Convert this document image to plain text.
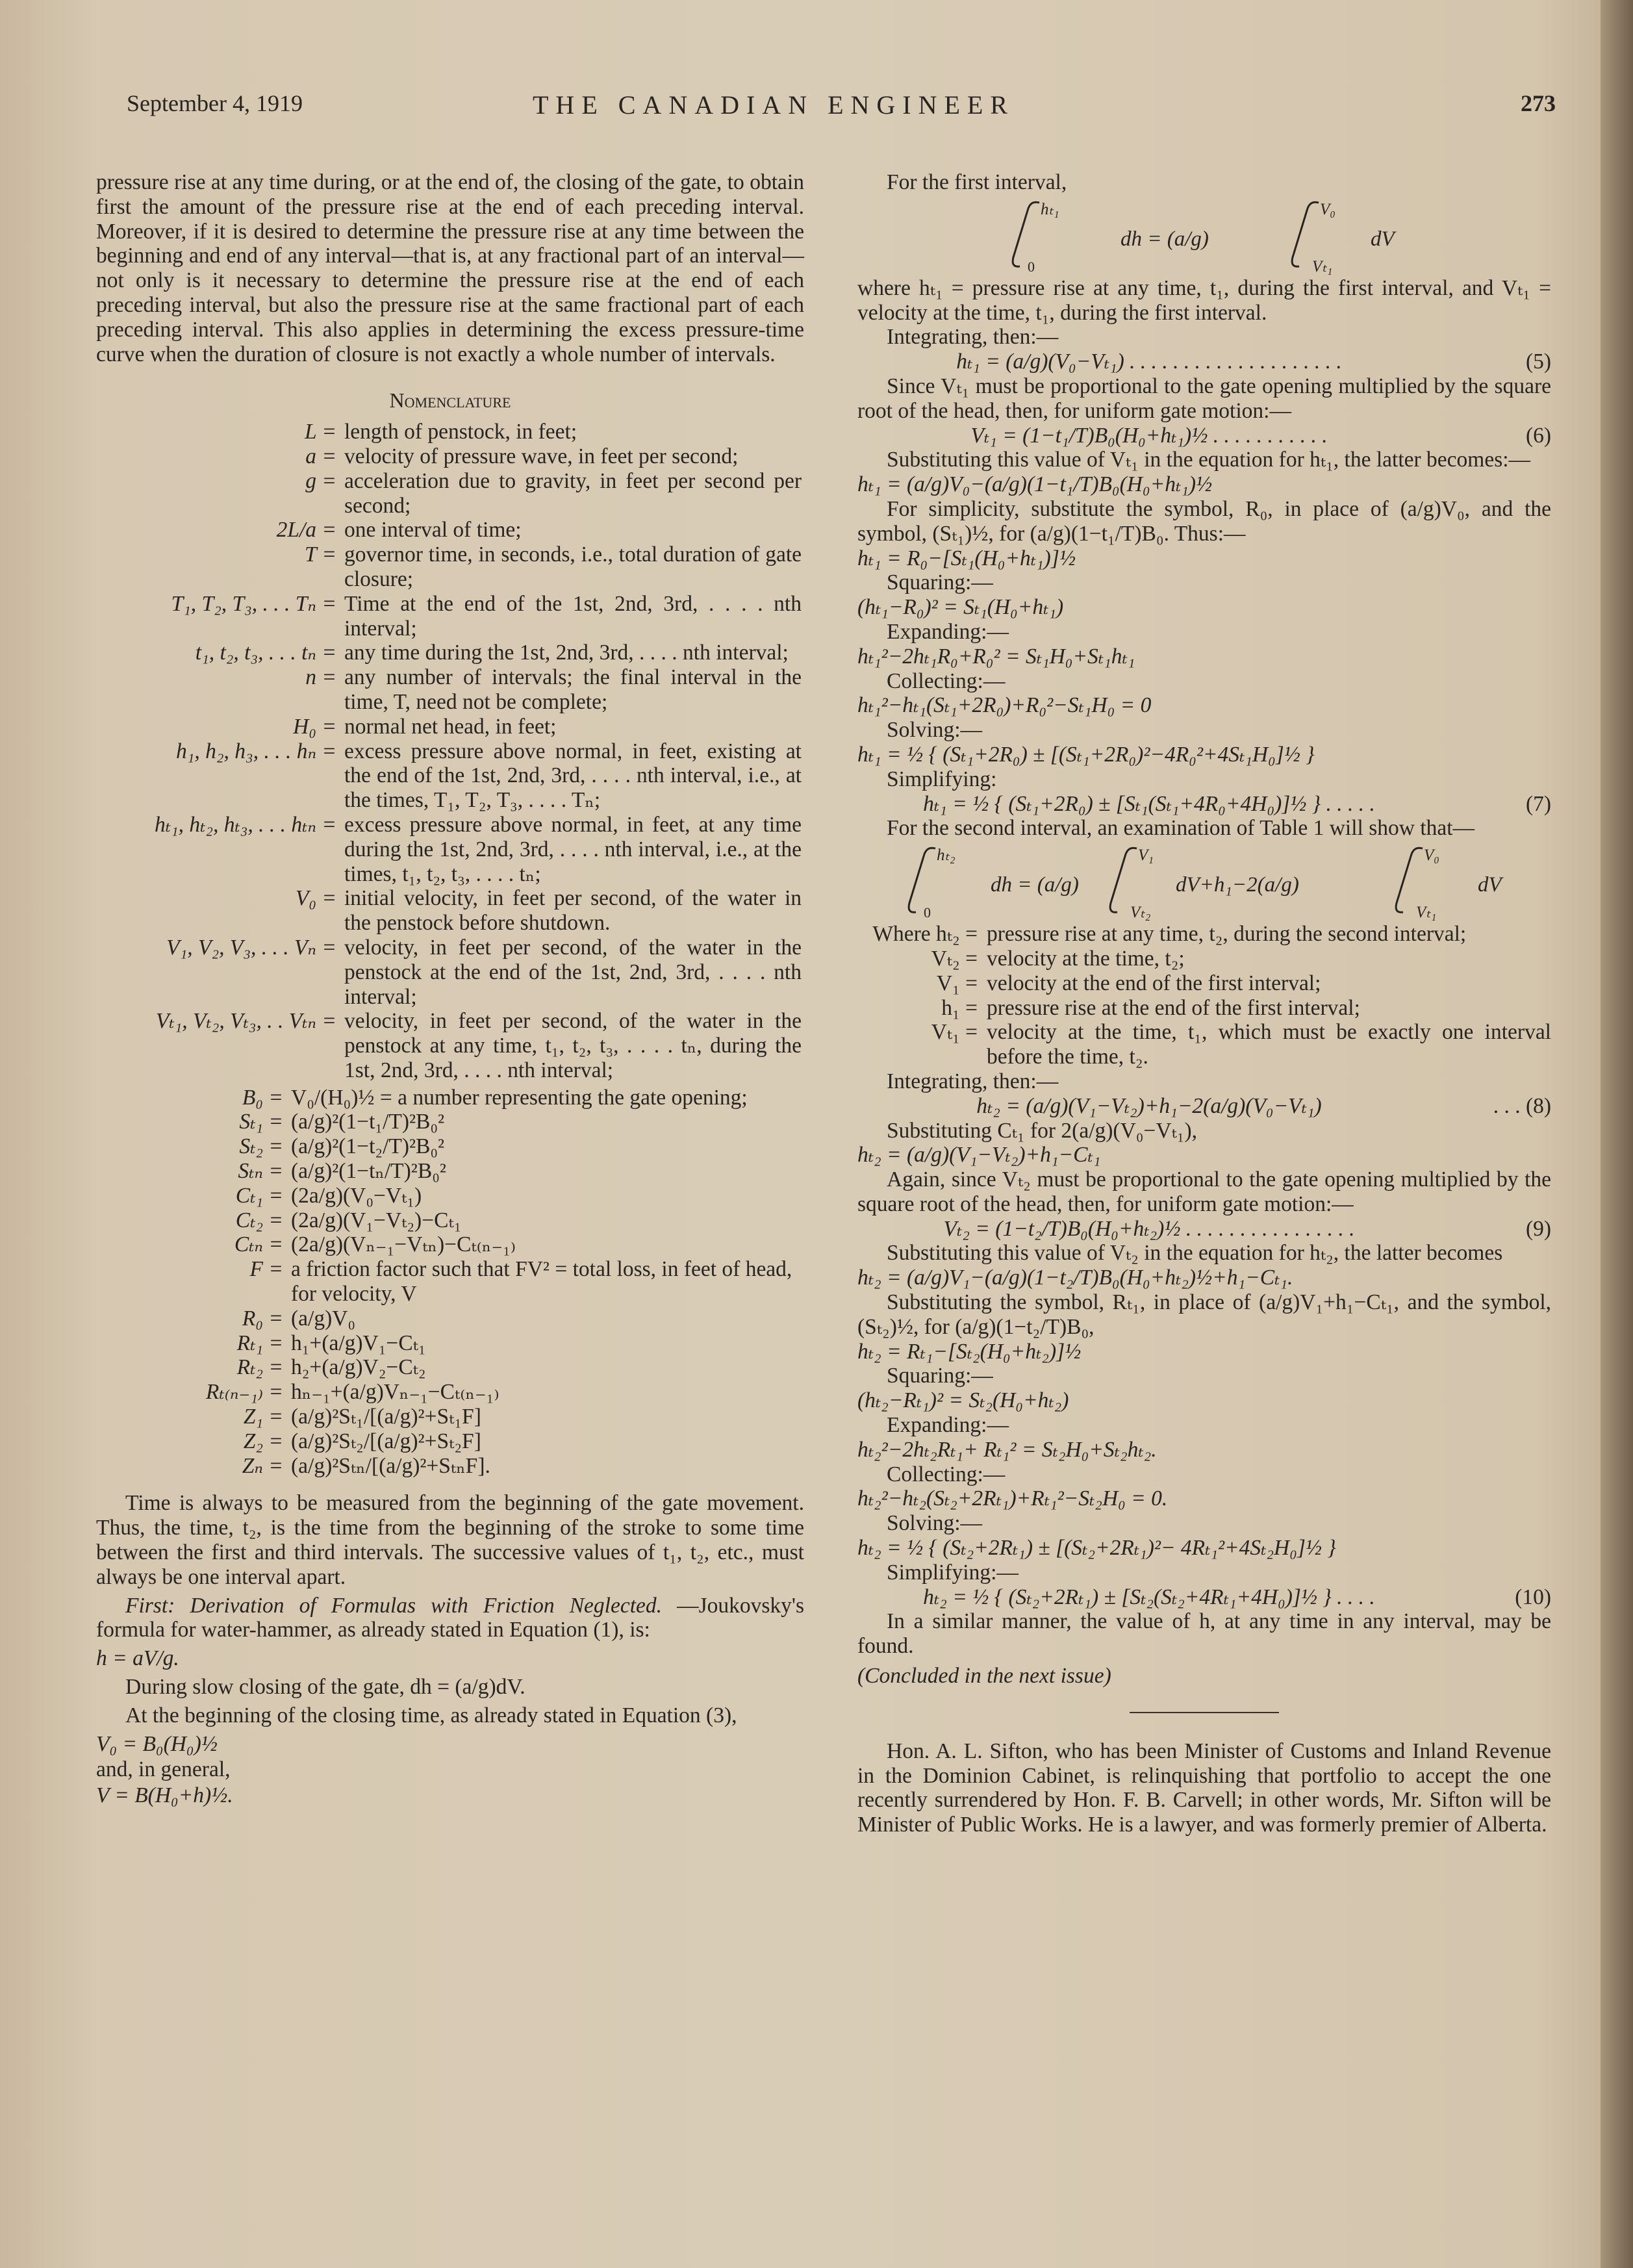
September 4, 1919	THE CANADIAN ENGINEER	273

pressure rise at any time during, or at the end of, the closing of the gate, to obtain first the amount of the pressure rise at the end of each preceding interval. Moreover, if it is desired to determine the pressure rise at any time between the beginning and end of any interval—that is, at any fractional part of an interval—not only is it necessary to determine the pressure rise at the end of each preceding interval, but also the pressure rise at the same fractional part of each preceding interval. This also applies in determining the excess pressure-time curve when the duration of closure is not exactly a whole number of intervals.

Nomenclature
L = length of penstock, in feet;
a = velocity of pressure wave, in feet per second;
g = acceleration due to gravity, in feet per second per second;
2L/a = one interval of time;
T = governor time, in seconds, i.e., total duration of gate closure;
T₁, T₂, T₃, . . . Tₙ = Time at the end of the 1st, 2nd, 3rd, . . . . nth interval;
t₁, t₂, t₃, . . . tₙ = any time during the 1st, 2nd, 3rd, . . . . nth interval;
n = any number of intervals; the final interval in the time, T, need not be complete;
H₀ = normal net head, in feet;
h₁, h₂, h₃, . . . hₙ = excess pressure above normal, in feet, existing at the end of the 1st, 2nd, 3rd, . . . . nth interval, i.e., at the times, T₁, T₂, T₃, . . . . Tₙ;
hₜ₁, hₜ₂, hₜ₃, . . . hₜₙ = excess pressure above normal, in feet, at any time during the 1st, 2nd, 3rd, . . . . nth interval, i.e., at the times, t₁, t₂, t₃, . . . . tₙ;
V₀ = initial velocity, in feet per second, of the water in the penstock before shutdown.
V₁, V₂, V₃, . . . Vₙ = velocity, in feet per second, of the water in the penstock at the end of the 1st, 2nd, 3rd, . . . . nth interval;
Vₜ₁, Vₜ₂, Vₜ₃, . . Vₜₙ = velocity, in feet per second, of the water in the penstock at any time, t₁, t₂, t₃, . . . . tₙ, during the 1st, 2nd, 3rd, . . . . nth interval;
B₀ = V₀/(H₀)½ = a number representing the gate opening;
Sₜ₁ = (a/g)²(1−t₁/T)²B₀²
Sₜ₂ = (a/g)²(1−t₂/T)²B₀²
Sₜₙ = (a/g)²(1−tₙ/T)²B₀²
Cₜ₁ = (2a/g)(V₀−Vₜ₁)
Cₜ₂ = (2a/g)(V₁−Vₜ₂)−Cₜ₁
Cₜₙ = (2a/g)(Vₙ₋₁−Vₜₙ)−Cₜ₍ₙ₋₁₎
F = a friction factor such that FV² = total loss, in feet of head, for velocity, V
R₀ = (a/g)V₀
Rₜ₁ = h₁+(a/g)V₁−Cₜ₁
Rₜ₂ = h₂+(a/g)V₂−Cₜ₂
Rₜ₍ₙ₋₁₎ = hₙ₋₁+(a/g)Vₙ₋₁−Cₜ₍ₙ₋₁₎
Z₁ = (a/g)²Sₜ₁/[(a/g)²+Sₜ₁F]
Z₂ = (a/g)²Sₜ₂/[(a/g)²+Sₜ₂F]
Zₙ = (a/g)²Sₜₙ/[(a/g)²+SₜₙF].

Time is always to be measured from the beginning of the gate movement. Thus, the time, t₂, is the time from the beginning of the stroke to some time between the first and third intervals. The successive values of t₁, t₂, etc., must always be one interval apart.

First: Derivation of Formulas with Friction Neglected. —Joukovsky's formula for water-hammer, as already stated in Equation (1), is:

h = aV/g.

During slow closing of the gate, dh = (a/g)dV.

At the beginning of the closing time, as already stated in Equation (3),

V₀ = B₀(H₀)½

and, in general,

V = B(H₀+h)½.

For the first interval,

hₜ₁
0
dh = (a/g)
V₀
Vₜ₁
dV

where hₜ₁ = pressure rise at any time, t₁, during the first interval, and Vₜ₁ = velocity at the time, t₁, during the first interval.

Integrating, then:—

hₜ₁ = (a/g)(V₀−Vₜ₁) . . . . . . . . . . . . . . . . . . . .	(5)

Since Vₜ₁ must be proportional to the gate opening multiplied by the square root of the head, then, for uniform gate motion:—

Vₜ₁ = (1−t₁/T)B₀(H₀+hₜ₁)½ . . . . . . . . . . .	(6)

Substituting this value of Vₜ₁ in the equation for hₜ₁, the latter becomes:—

hₜ₁ = (a/g)V₀−(a/g)(1−t₁/T)B₀(H₀+hₜ₁)½

For simplicity, substitute the symbol, R₀, in place of (a/g)V₀, and the symbol, (Sₜ₁)½, for (a/g)(1−t₁/T)B₀. Thus:—

hₜ₁ = R₀−[Sₜ₁(H₀+hₜ₁)]½

Squaring:—

(hₜ₁−R₀)² = Sₜ₁(H₀+hₜ₁)

Expanding:—

hₜ₁²−2hₜ₁R₀+R₀² = Sₜ₁H₀+Sₜ₁hₜ₁

Collecting:—

hₜ₁²−hₜ₁(Sₜ₁+2R₀)+R₀²−Sₜ₁H₀ = 0

Solving:—

hₜ₁ = ½ { (Sₜ₁+2R₀) ± [(Sₜ₁+2R₀)²−4R₀²+4Sₜ₁H₀]½ }

Simplifying:

hₜ₁ = ½ { (Sₜ₁+2R₀) ± [Sₜ₁(Sₜ₁+4R₀+4H₀)]½ } . . . . .	(7)

For the second interval, an examination of Table 1 will show that—

hₜ₂
0
dh = (a/g)
V₁
Vₜ₂
dV+h₁−2(a/g)
V₀
Vₜ₁
dV
Where hₜ₂ = pressure rise at any time, t₂, during the second interval;
Vₜ₂ = velocity at the time, t₂;
V₁ = velocity at the end of the first interval;
h₁ = pressure rise at the end of the first interval;
Vₜ₁ = velocity at the time, t₁, which must be exactly one interval before the time, t₂.

Integrating, then:—

hₜ₂ = (a/g)(V₁−Vₜ₂)+h₁−2(a/g)(V₀−Vₜ₁)	. . . (8)

Substituting Cₜ₁ for 2(a/g)(V₀−Vₜ₁),

hₜ₂ = (a/g)(V₁−Vₜ₂)+h₁−Cₜ₁

Again, since Vₜ₂ must be proportional to the gate opening multiplied by the square root of the head, then, for uniform gate motion:—

Vₜ₂ = (1−t₂/T)B₀(H₀+hₜ₂)½ . . . . . . . . . . . . . . . .	(9)

Substituting this value of Vₜ₂ in the equation for hₜ₂, the latter becomes

hₜ₂ = (a/g)V₁−(a/g)(1−t₂/T)B₀(H₀+hₜ₂)½+h₁−Cₜ₁.

Substituting the symbol, Rₜ₁, in place of (a/g)V₁+h₁−Cₜ₁, and the symbol, (Sₜ₂)½, for (a/g)(1−t₂/T)B₀,

hₜ₂ = Rₜ₁−[Sₜ₂(H₀+hₜ₂)]½

Squaring:—

(hₜ₂−Rₜ₁)² = Sₜ₂(H₀+hₜ₂)

Expanding:—

hₜ₂²−2hₜ₂Rₜ₁+ Rₜ₁² = Sₜ₂H₀+Sₜ₂hₜ₂.

Collecting:—

hₜ₂²−hₜ₂(Sₜ₂+2Rₜ₁)+Rₜ₁²−Sₜ₂H₀ = 0.

Solving:—

hₜ₂ = ½ { (Sₜ₂+2Rₜ₁) ± [(Sₜ₂+2Rₜ₁)²− 4Rₜ₁²+4Sₜ₂H₀]½ }

Simplifying:—

hₜ₂ = ½ { (Sₜ₂+2Rₜ₁) ± [Sₜ₂(Sₜ₂+4Rₜ₁+4H₀)]½ } . . . .	(10)

In a similar manner, the value of h, at any time in any interval, may be found.

(Concluded in the next issue)

Hon. A. L. Sifton, who has been Minister of Customs and Inland Revenue in the Dominion Cabinet, is relinquishing that portfolio to accept the one recently surrendered by Hon. F. B. Carvell; in other words, Mr. Sifton will be Minister of Public Works. He is a lawyer, and was formerly premier of Alberta.
